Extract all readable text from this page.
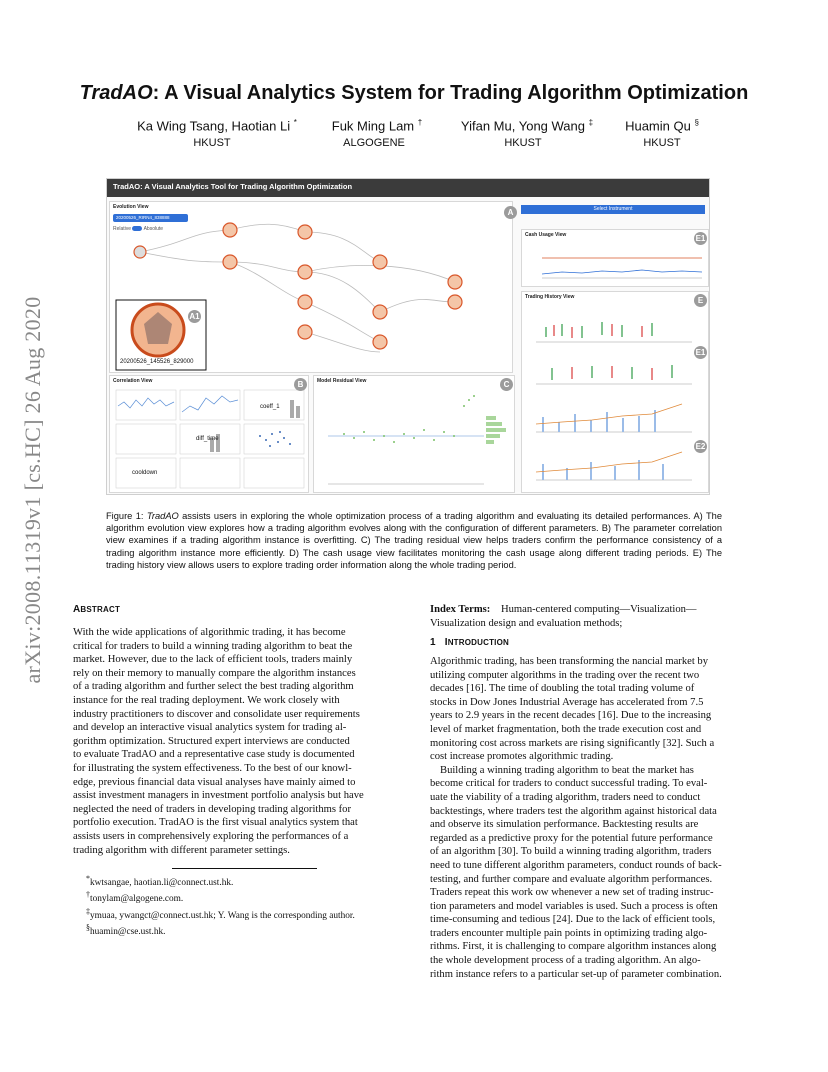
arXiv:2008.11319v1 [cs.HC] 26 Aug 2020
TradAO: A Visual Analytics System for Trading Algorithm Optimization
Ka Wing Tsang, Haotian Li *
HKUST
Fuk Ming Lam †
ALGOGENE
Yifan Mu, Yong Wang ‡
HKUST
Huamin Qu §
HKUST
TradAO: A Visual Analytics Tool for Trading Algorithm Optimization
Evolution View
20200526_RIRN4_838888
Relative	Absolute
20200526_145526_829000
A
A1
Select Instrument
Cash Usage View	E1
Trading History View	E
E1
E2
Correlation View
coeff_1
diff_time
cooldown
B	Model Residual View	C
Figure 1: TradAO assists users in exploring the whole optimization process of a trading algorithm and evaluating its detailed performances. A) The algorithm evolution view explores how a trading algorithm evolves along with the configuration of different parameters. B) The parameter correlation view examines if a trading algorithm instance is overfitting. C) The trading residual view helps traders confirm the performance consistency of a trading algorithm instance more efficiently. D) The cash usage view facilitates monitoring the cash usage along different trading periods. E) The trading history view allows users to explore trading order information along the whole trading period.
ABSTRACT
With the wide applications of algorithmic trading, it has become
critical for traders to build a winning trading algorithm to beat the
market. However, due to the lack of efficient tools, traders mainly
rely on their memory to manually compare the algorithm instances
of a trading algorithm and further select the best trading algorithm
instance for the real trading deployment. We work closely with
industry practitioners to discover and consolidate user requirements
and develop an interactive visual analytics system for trading al-
gorithm optimization. Structured expert interviews are conducted
to evaluate TradAO and a representative case study is documented
for illustrating the system effectiveness. To the best of our knowl-
edge, previous financial data visual analyses have mainly aimed to
assist investment managers in investment portfolio analysis but have
neglected the need of traders in developing trading algorithms for
portfolio execution. TradAO is the first visual analytics system that
assists users in comprehensively exploring the performances of a
trading algorithm with different parameter settings.
*kwtsangae, haotian.li@connect.ust.hk.
†tonylam@algogene.com.
‡ymuaa, ywangct@connect.ust.hk; Y. Wang is the corresponding author.
§huamin@cse.ust.hk.
Index Terms: Human-centered computing—Visualization—
Visualization design and evaluation methods;
1 INTRODUCTION
Algorithmic trading, has been transforming the nancial market by
utilizing computer algorithms in the trading over the recent two
decades [16]. The time of doubling the total trading volume of
stocks in Dow Jones Industrial Average has accelerated from 7.5
years to 2.9 years in the recent decades [16]. Due to the increasing
level of market fragmentation, both the trade execution cost and
monitoring cost across markets are rising significantly [32]. Such a
cost increase promotes algorithmic trading.
Building a winning trading algorithm to beat the market has
become critical for traders to conduct successful trading. To eval-
uate the viability of a trading algorithm, traders need to conduct
backtestings, where traders test the algorithm against historical data
and observe its simulation performance. Backtesting results are
regarded as a predictive proxy for the potential future performance
of an algorithm [30]. To build a winning trading algorithm, traders
need to tune different algorithm parameters, conduct rounds of back-
testing, and further compare and evaluate algorithm performances.
Traders repeat this work ow whenever a new set of trading instruc-
tion parameters and model variables is used. Such a process is often
time-consuming and tedious [24]. Due to the lack of efficient tools,
traders encounter multiple pain points in optimizing trading algo-
rithms. First, it is challenging to compare algorithm instances along
the whole development process of a trading algorithm. An algo-
rithm instance refers to a particular set-up of parameter combination.
